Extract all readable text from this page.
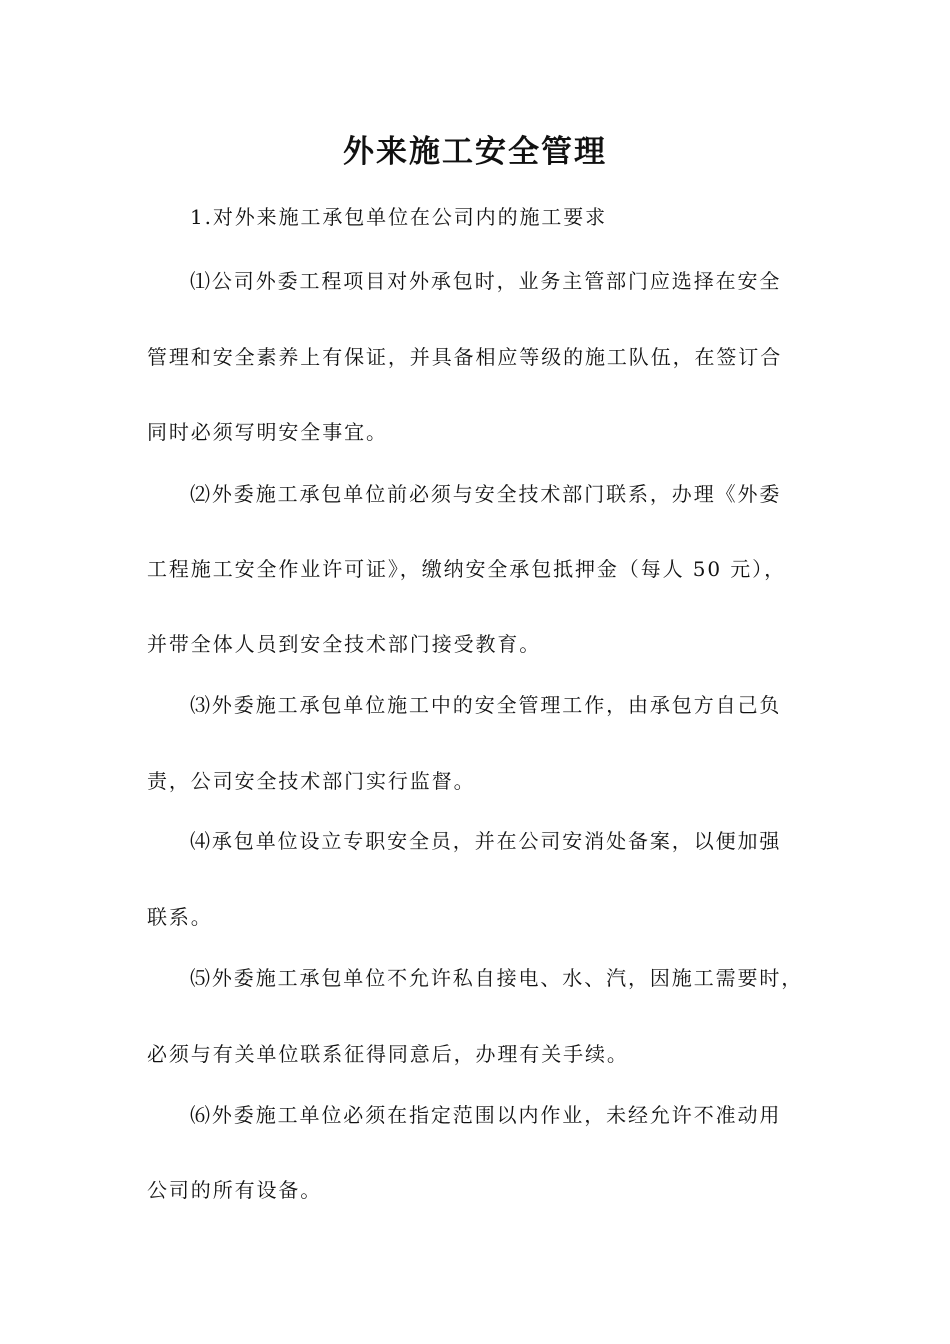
外来施工安全管理
1.对外来施工承包单位在公司内的施工要求
⑴公司外委工程项目对外承包时，业务主管部门应选择在安全
管理和安全素养上有保证，并具备相应等级的施工队伍，在签订合
同时必须写明安全事宜。
⑵外委施工承包单位前必须与安全技术部门联系，办理《外委
工程施工安全作业许可证》，缴纳安全承包抵押金（每人 50 元），
并带全体人员到安全技术部门接受教育。
⑶外委施工承包单位施工中的安全管理工作，由承包方自己负
责，公司安全技术部门实行监督。
⑷承包单位设立专职安全员，并在公司安消处备案，以便加强
联系。
⑸外委施工承包单位不允许私自接电、水、汽，因施工需要时，
必须与有关单位联系征得同意后，办理有关手续。
⑹外委施工单位必须在指定范围以内作业，未经允许不准动用
公司的所有设备。
